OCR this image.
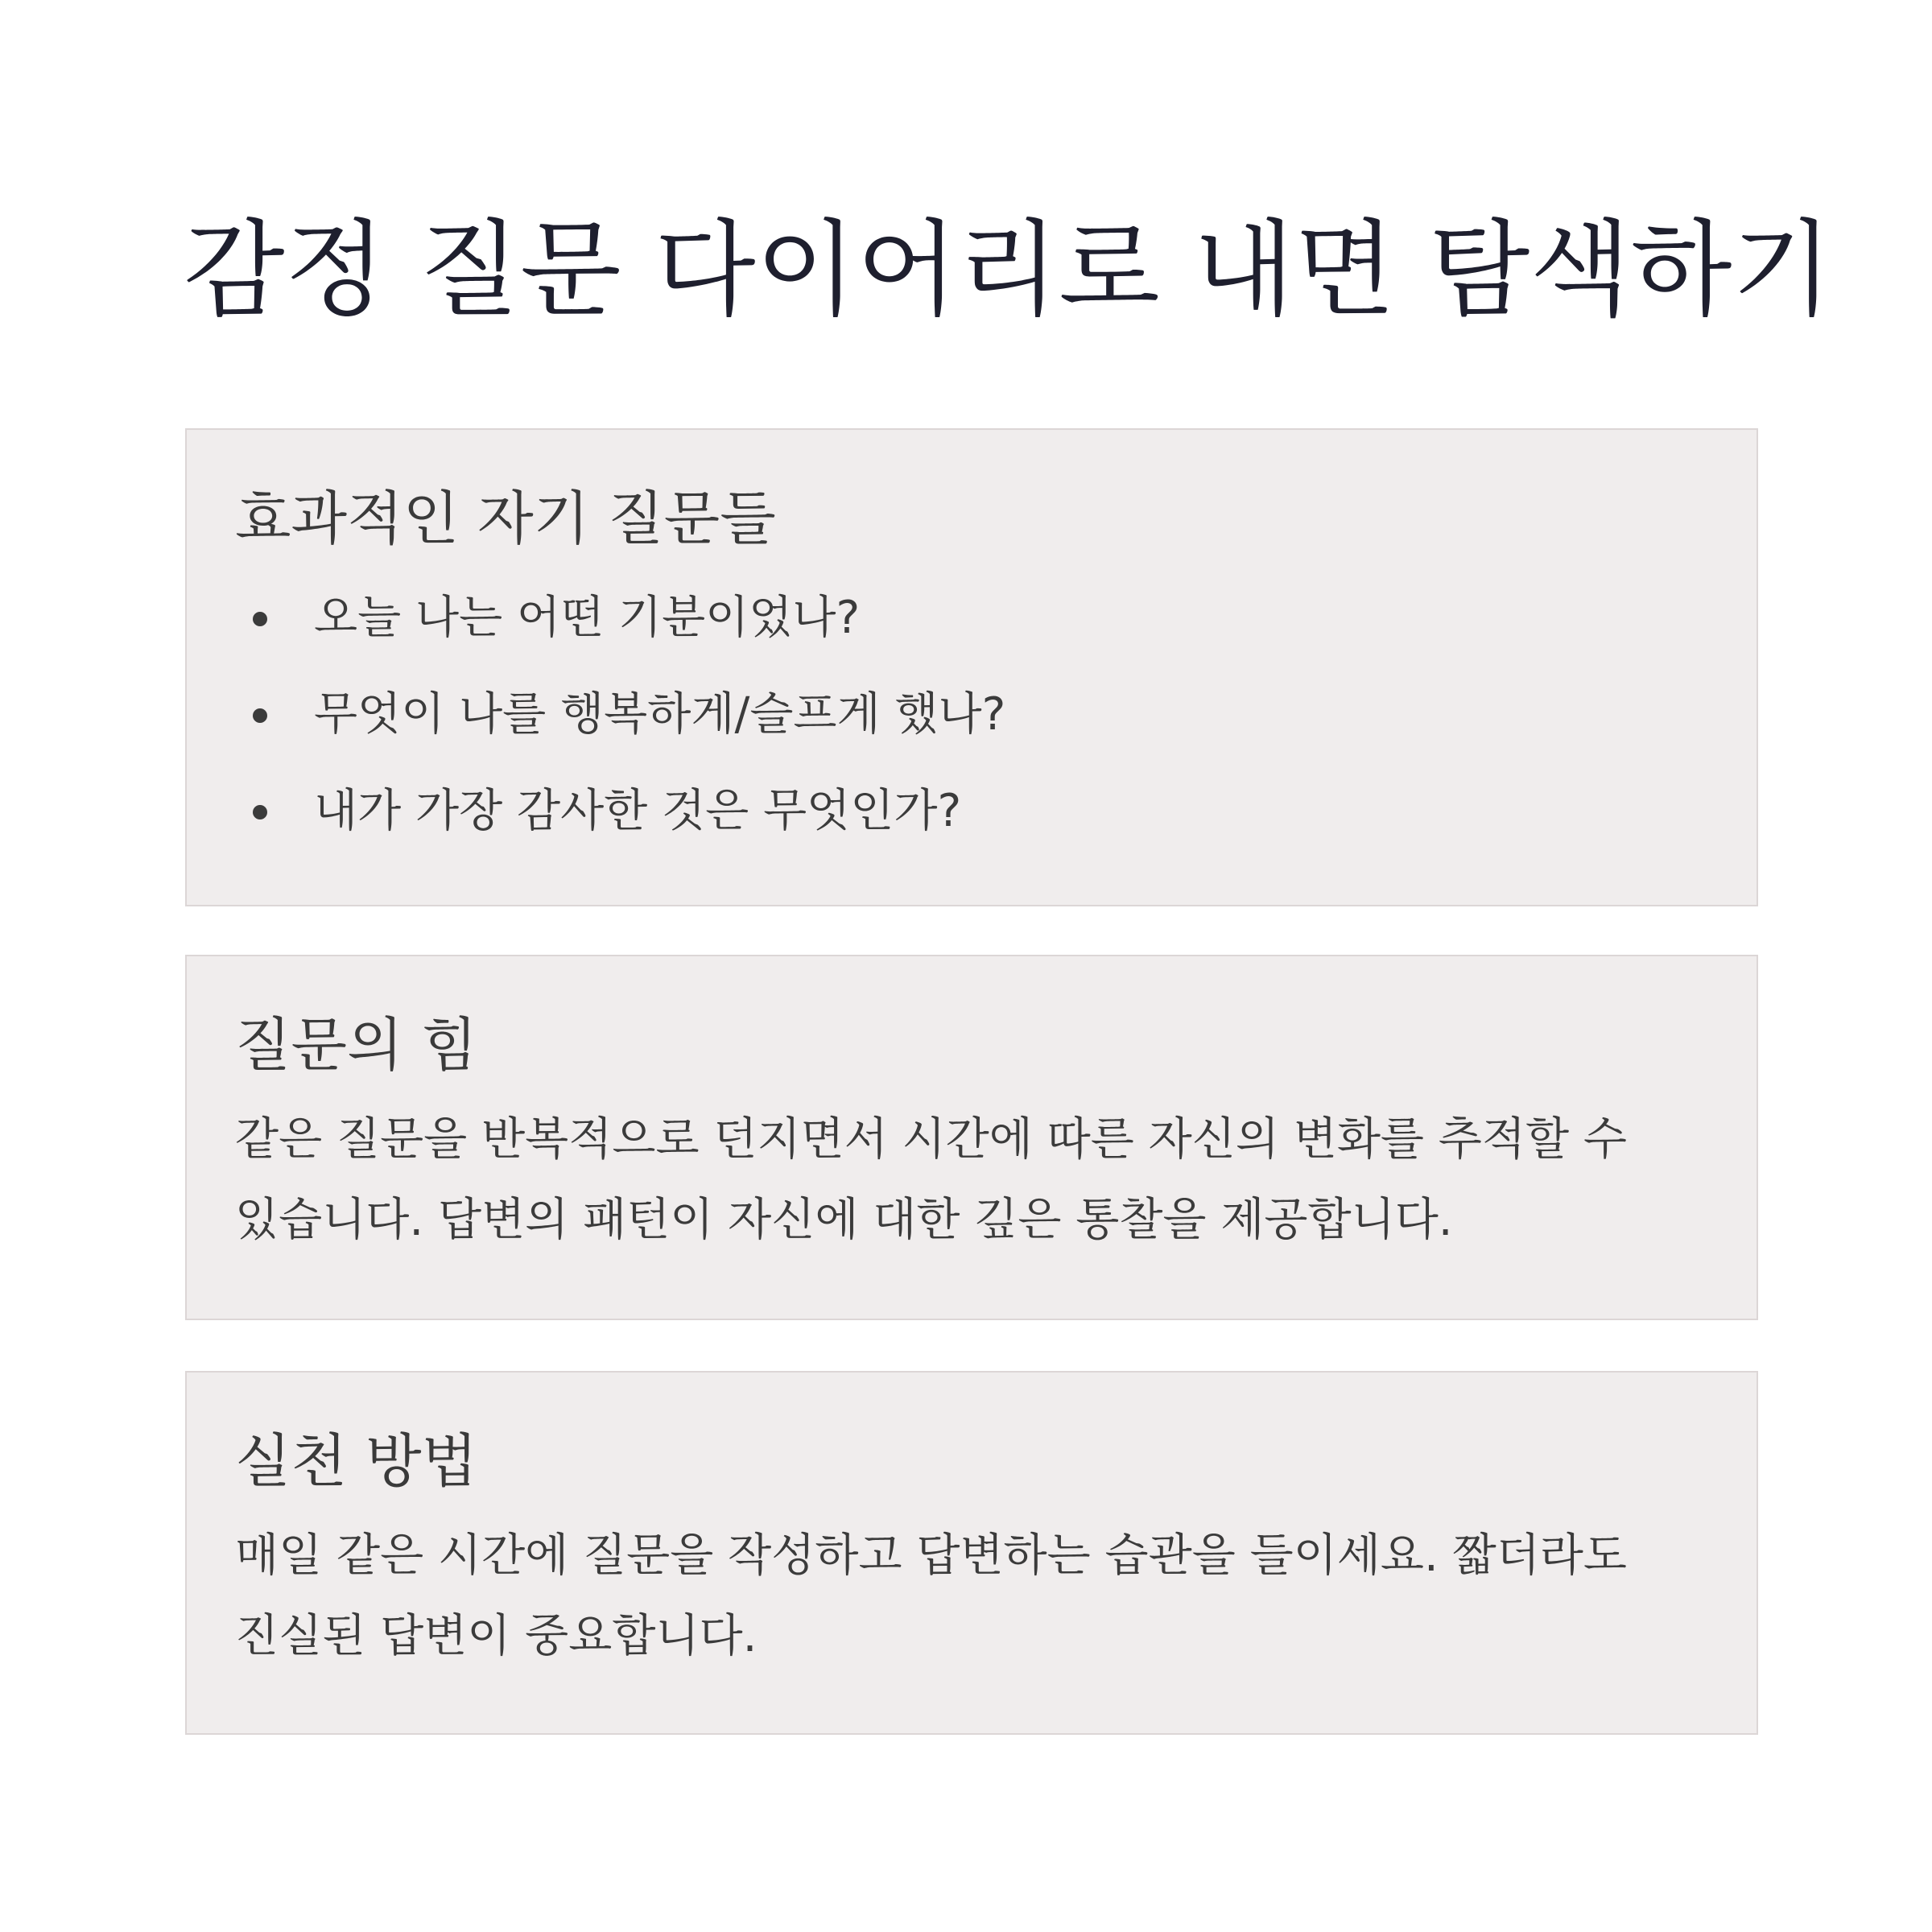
감정 질문 다이어리로 내면 탐색하기
효과적인 자기 질문들
오늘 나는 어떤 기분이었나?
무엇이 나를 행복하게/슬프게 했나?
내가 가장 감사한 것은 무엇인가?
질문의 힘

같은 질문을 반복적으로 던지면서 시간에 따른 자신의 변화를 추적할 수 있습니다. 답변의 패턴이 자신에 대한 깊은 통찰을 제공합니다.

실천 방법

매일 같은 시간에 질문을 작성하고 답변하는 습관을 들이세요. 짧더라도 진실된 답변이 중요합니다.
